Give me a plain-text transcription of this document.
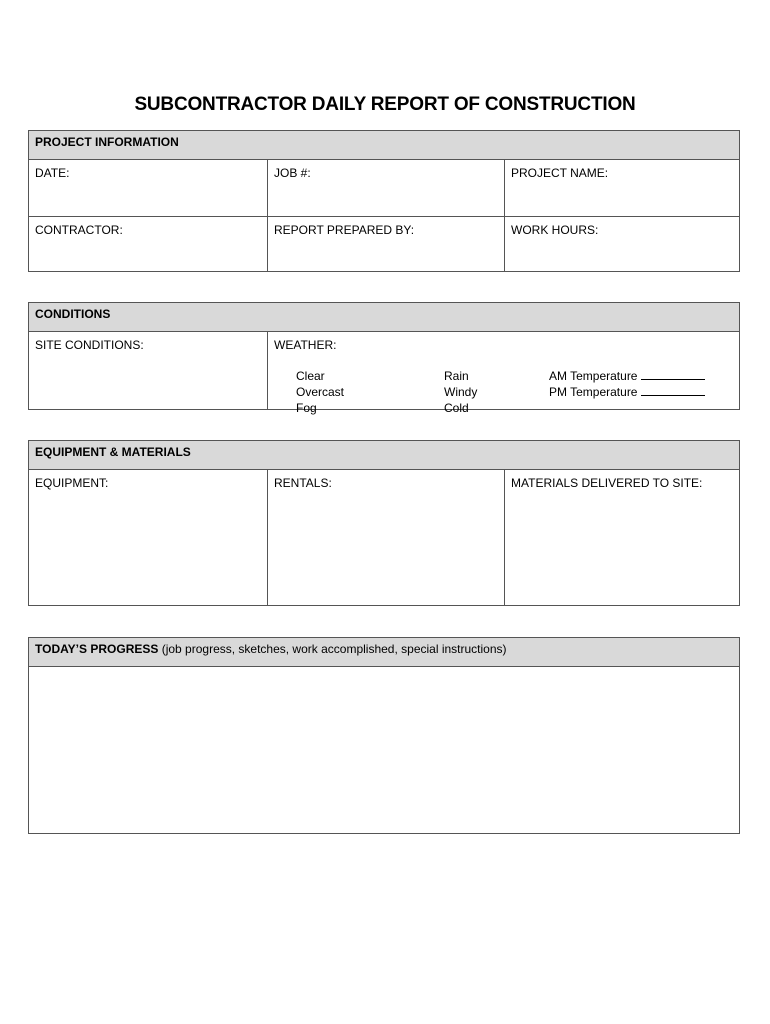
SUBCONTRACTOR DAILY REPORT OF CONSTRUCTION
PROJECT INFORMATION
DATE:	JOB #:	PROJECT NAME:
CONTRACTOR:	REPORT PREPARED BY:	WORK HOURS:
CONDITIONS
SITE CONDITIONS:	WEATHER:
Clear
Overcast
Fog
Rain
Windy
Cold
AM Temperature
PM Temperature
EQUIPMENT & MATERIALS
EQUIPMENT:	RENTALS:	MATERIALS DELIVERED TO SITE:
TODAY’S PROGRESS (job progress, sketches, work accomplished, special instructions)
